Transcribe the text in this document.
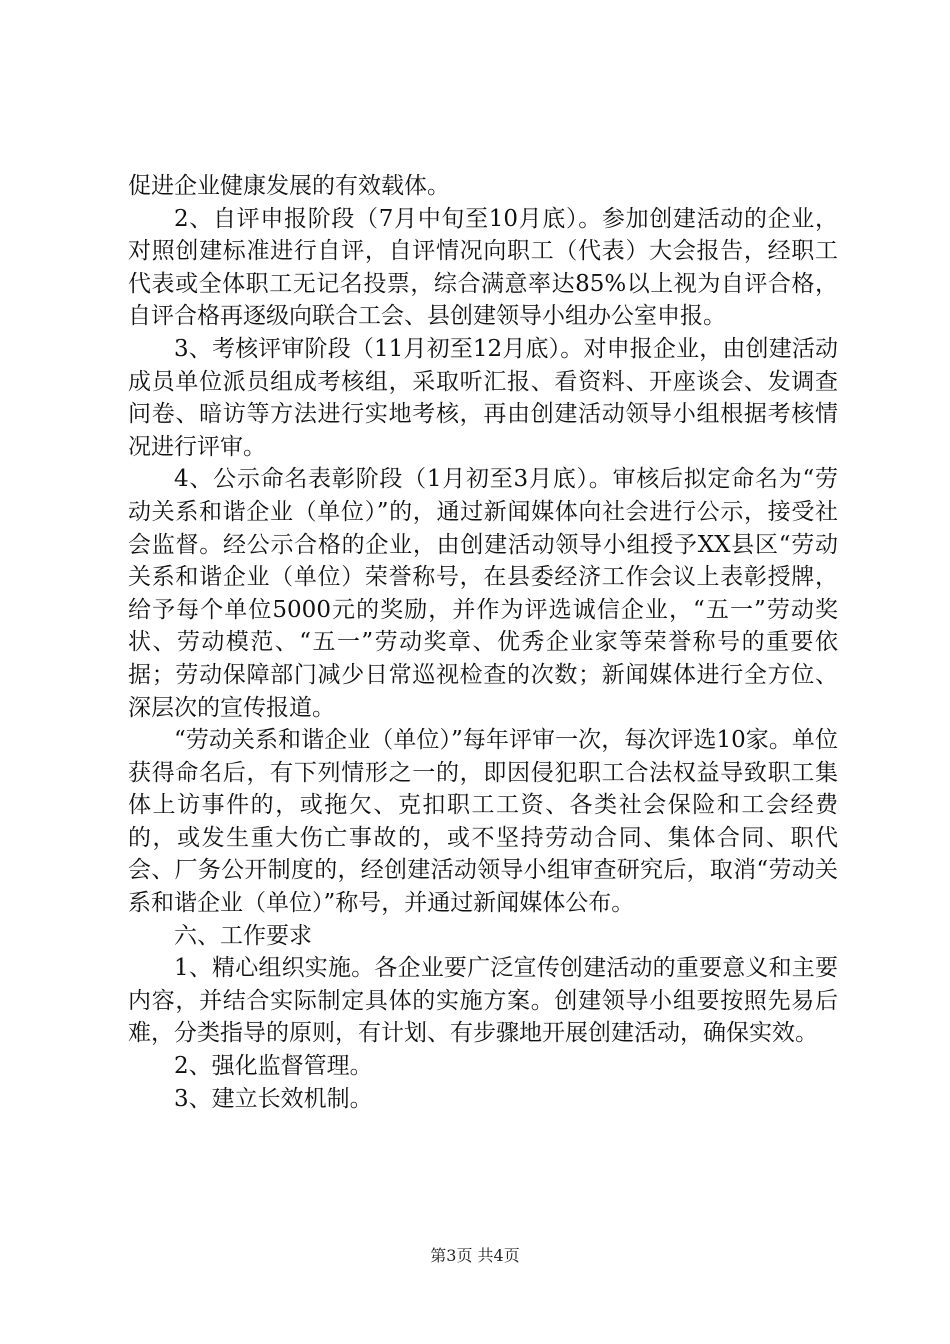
促进企业健康发展的有效载体。

2、自评申报阶段（7月中旬至10月底）。参加创建活动的企业，对照创建标准进行自评，自评情况向职工（代表）大会报告，经职工代表或全体职工无记名投票，综合满意率达85%以上视为自评合格，自评合格再逐级向联合工会、县创建领导小组办公室申报。

3、考核评审阶段（11月初至12月底）。对申报企业，由创建活动成员单位派员组成考核组，采取听汇报、看资料、开座谈会、发调查问卷、暗访等方法进行实地考核，再由创建活动领导小组根据考核情况进行评审。

4、公示命名表彰阶段（1月初至3月底）。审核后拟定命名为“劳动关系和谐企业（单位）”的，通过新闻媒体向社会进行公示，接受社会监督。经公示合格的企业，由创建活动领导小组授予XX县区“劳动关系和谐企业（单位）荣誉称号，在县委经济工作会议上表彰授牌，给予每个单位5000元的奖励，并作为评选诚信企业，“五一”劳动奖状、劳动模范、“五一”劳动奖章、优秀企业家等荣誉称号的重要依据；劳动保障部门减少日常巡视检查的次数；新闻媒体进行全方位、深层次的宣传报道。

“劳动关系和谐企业（单位）”每年评审一次，每次评选10家。单位获得命名后，有下列情形之一的，即因侵犯职工合法权益导致职工集体上访事件的，或拖欠、克扣职工工资、各类社会保险和工会经费的，或发生重大伤亡事故的，或不坚持劳动合同、集体合同、职代会、厂务公开制度的，经创建活动领导小组审查研究后，取消“劳动关系和谐企业（单位）”称号，并通过新闻媒体公布。

六、工作要求

1、精心组织实施。各企业要广泛宣传创建活动的重要意义和主要内容，并结合实际制定具体的实施方案。创建领导小组要按照先易后难，分类指导的原则，有计划、有步骤地开展创建活动，确保实效。

2、强化监督管理。

3、建立长效机制。

第3页 共4页
